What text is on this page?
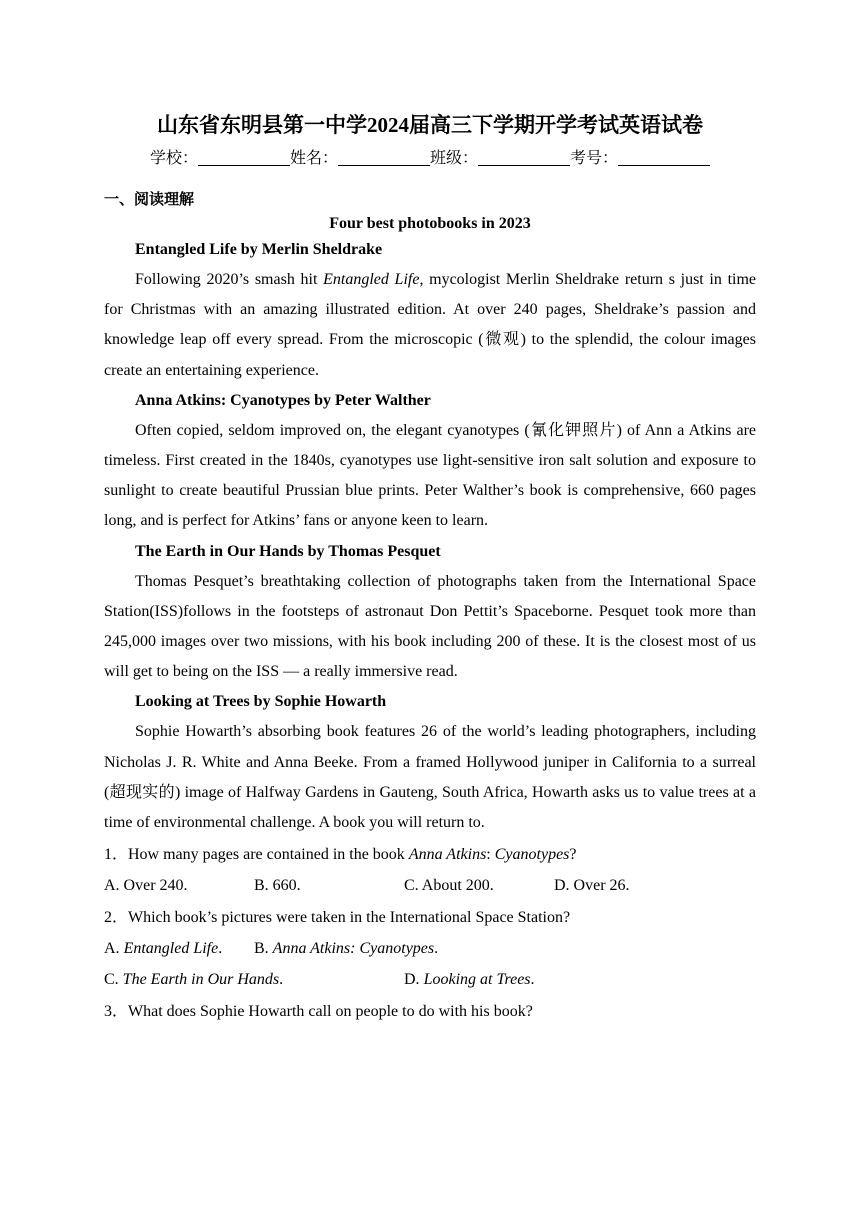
山东省东明县第一中学2024届高三下学期开学考试英语试卷
学校：	姓名：	班级：	考号：
一、阅读理解
Four best photobooks in 2023
Entangled Life by Merlin Sheldrake

Following 2020’s smash hit Entangled Life, mycologist Merlin Sheldrake return s just in time for Christmas with an amazing illustrated edition. At over 240 pages, Sheldrake’s passion and knowledge leap off every spread. From the microscopic (微观) to the splendid, the colour images create an entertaining experience.

Anna Atkins: Cyanotypes by Peter Walther

Often copied, seldom improved on, the elegant cyanotypes (氰化钾照片) of Ann a Atkins are timeless. First created in the 1840s, cyanotypes use light-sensitive iron salt solution and exposure to sunlight to create beautiful Prussian blue prints. Peter Walther’s book is comprehensive, 660 pages long, and is perfect for Atkins’ fans or anyone keen to learn.

The Earth in Our Hands by Thomas Pesquet

Thomas Pesquet’s breathtaking collection of photographs taken from the International Space Station(ISS)follows in the footsteps of astronaut Don Pettit’s Spaceborne. Pesquet took more than 245,000 images over two missions, with his book including 200 of these. It is the closest most of us will get to being on the ISS — a really immersive read.

Looking at Trees by Sophie Howarth

Sophie Howarth’s absorbing book features 26 of the world’s leading photographers, including Nicholas J. R. White and Anna Beeke. From a framed Hollywood juniper in California to a surreal (超现实的) image of Halfway Gardens in Gauteng, South Africa, Howarth asks us to value trees at a time of environmental challenge. A book you will return to.

1．How many pages are contained in the book Anna Atkins: Cyanotypes?
A. Over 240.	B. 660.	C. About 200.	D. Over 26.
2．Which book’s pictures were taken in the International Space Station?
A. Entangled Life.	B. Anna Atkins: Cyanotypes.
C. The Earth in Our Hands.	D. Looking at Trees.
3．What does Sophie Howarth call on people to do with his book?
